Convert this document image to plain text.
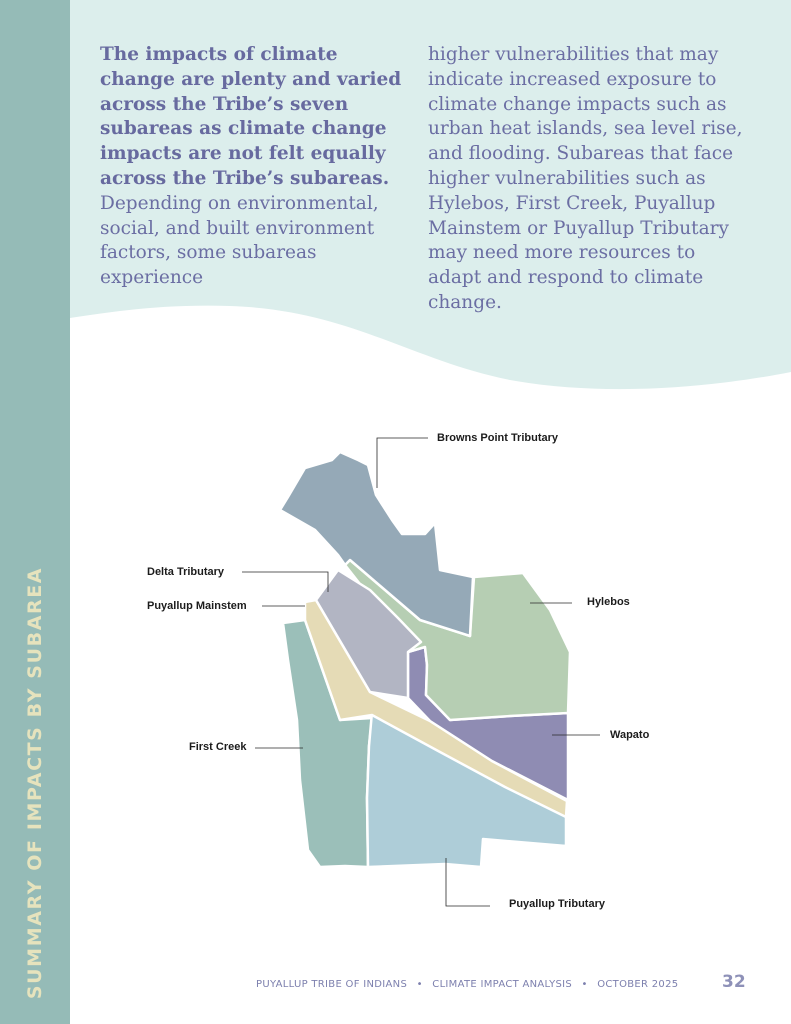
SUMMARY OF IMPACTS BY SUBAREA

The impacts of climate change are plenty and varied across the Tribe’s seven subareas as climate change impacts are not felt equally across the Tribe’s subareas. Depending on environmental, social, and built environment factors, some subareas experience

higher vulnerabilities that may indicate increased exposure to climate change impacts such as urban heat islands, sea level rise, and flooding. Subareas that face higher vulnerabilities such as Hylebos, First Creek, Puyallup Mainstem or Puyallup Tributary may need more resources to adapt and respond to climate change.

Browns Point Tributary
Delta Tributary
Puyallup Mainstem	Hylebos
First Creek
Wapato
Puyallup Tributary
PUYALLUP TRIBE OF INDIANS • CLIMATE IMPACT ANALYSIS • OCTOBER 2025	32
